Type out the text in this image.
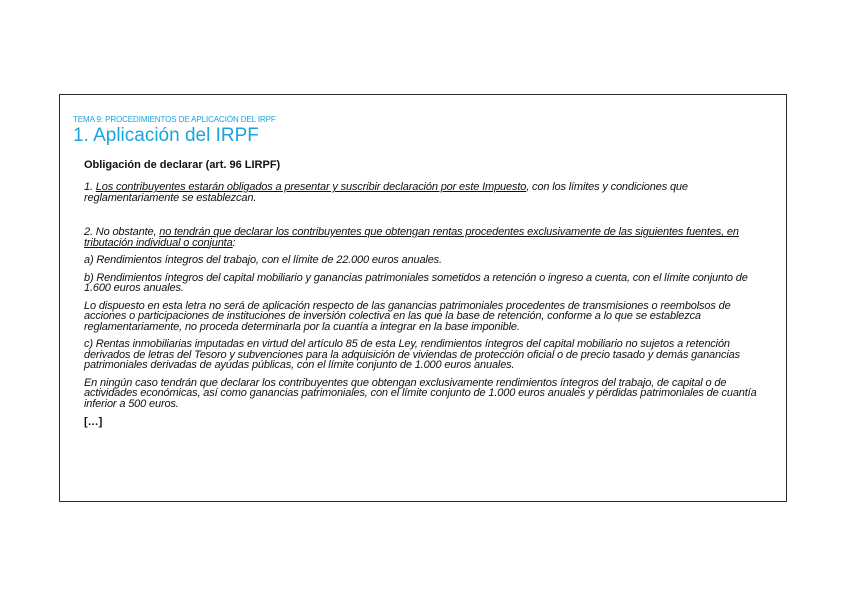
TEMA 9: PROCEDIMIENTOS DE APLICACIÓN DEL IRPF
1. Aplicación del IRPF

Obligación de declarar (art. 96 LIRPF)

1. Los contribuyentes estarán obligados a presentar y suscribir declaración por este Impuesto, con los límites y condiciones que reglamentariamente se establezcan.

2. No obstante, no tendrán que declarar los contribuyentes que obtengan rentas procedentes exclusivamente de las siguientes fuentes, en tributación individual o conjunta:

a) Rendimientos íntegros del trabajo, con el límite de 22.000 euros anuales.

b) Rendimientos íntegros del capital mobiliario y ganancias patrimoniales sometidos a retención o ingreso a cuenta, con el límite conjunto de 1.600 euros anuales.

Lo dispuesto en esta letra no será de aplicación respecto de las ganancias patrimoniales procedentes de transmisiones o reembolsos de acciones o participaciones de instituciones de inversión colectiva en las que la base de retención, conforme a lo que se establezca reglamentariamente, no proceda determinarla por la cuantía a integrar en la base imponible.

c) Rentas inmobiliarias imputadas en virtud del artículo 85 de esta Ley, rendimientos íntegros del capital mobiliario no sujetos a retención derivados de letras del Tesoro y subvenciones para la adquisición de viviendas de protección oficial o de precio tasado y demás ganancias patrimoniales derivadas de ayudas públicas, con el límite conjunto de 1.000 euros anuales.

En ningún caso tendrán que declarar los contribuyentes que obtengan exclusivamente rendimientos íntegros del trabajo, de capital o de actividades económicas, así como ganancias patrimoniales, con el límite conjunto de 1.000 euros anuales y pérdidas patrimoniales de cuantía inferior a 500 euros.

[…]
